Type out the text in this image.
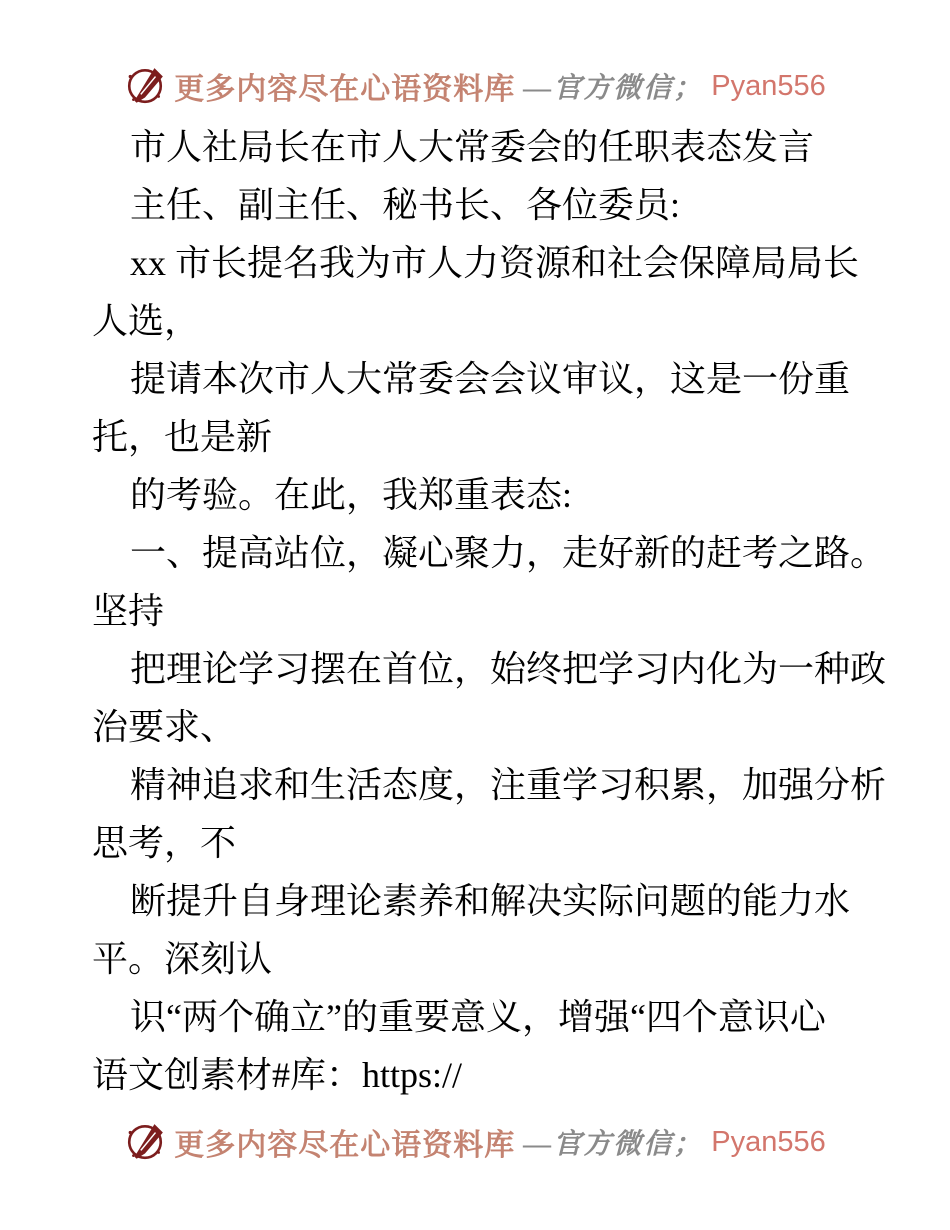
更多内容尽在心语资料库 —官方微信； Pyan556
市人社局长在市人大常委会的任职表态发言
主任、副主任、秘书长、各位委员:
xx 市长提名我为市人力资源和社会保障局局长
人选，
提请本次市人大常委会会议审议，这是一份重
托，也是新
的考验。在此，我郑重表态:
一、提高站位，凝心聚力，走好新的赶考之路。
坚持
把理论学习摆在首位，始终把学习内化为一种政
治要求、
精神追求和生活态度，注重学习积累，加强分析
思考，不
断提升自身理论素养和解决实际问题的能力水
平。深刻认
识“两个确立”的重要意义，增强“四个意识心
语文创素材#库：https://
更多内容尽在心语资料库 —官方微信； Pyan556
